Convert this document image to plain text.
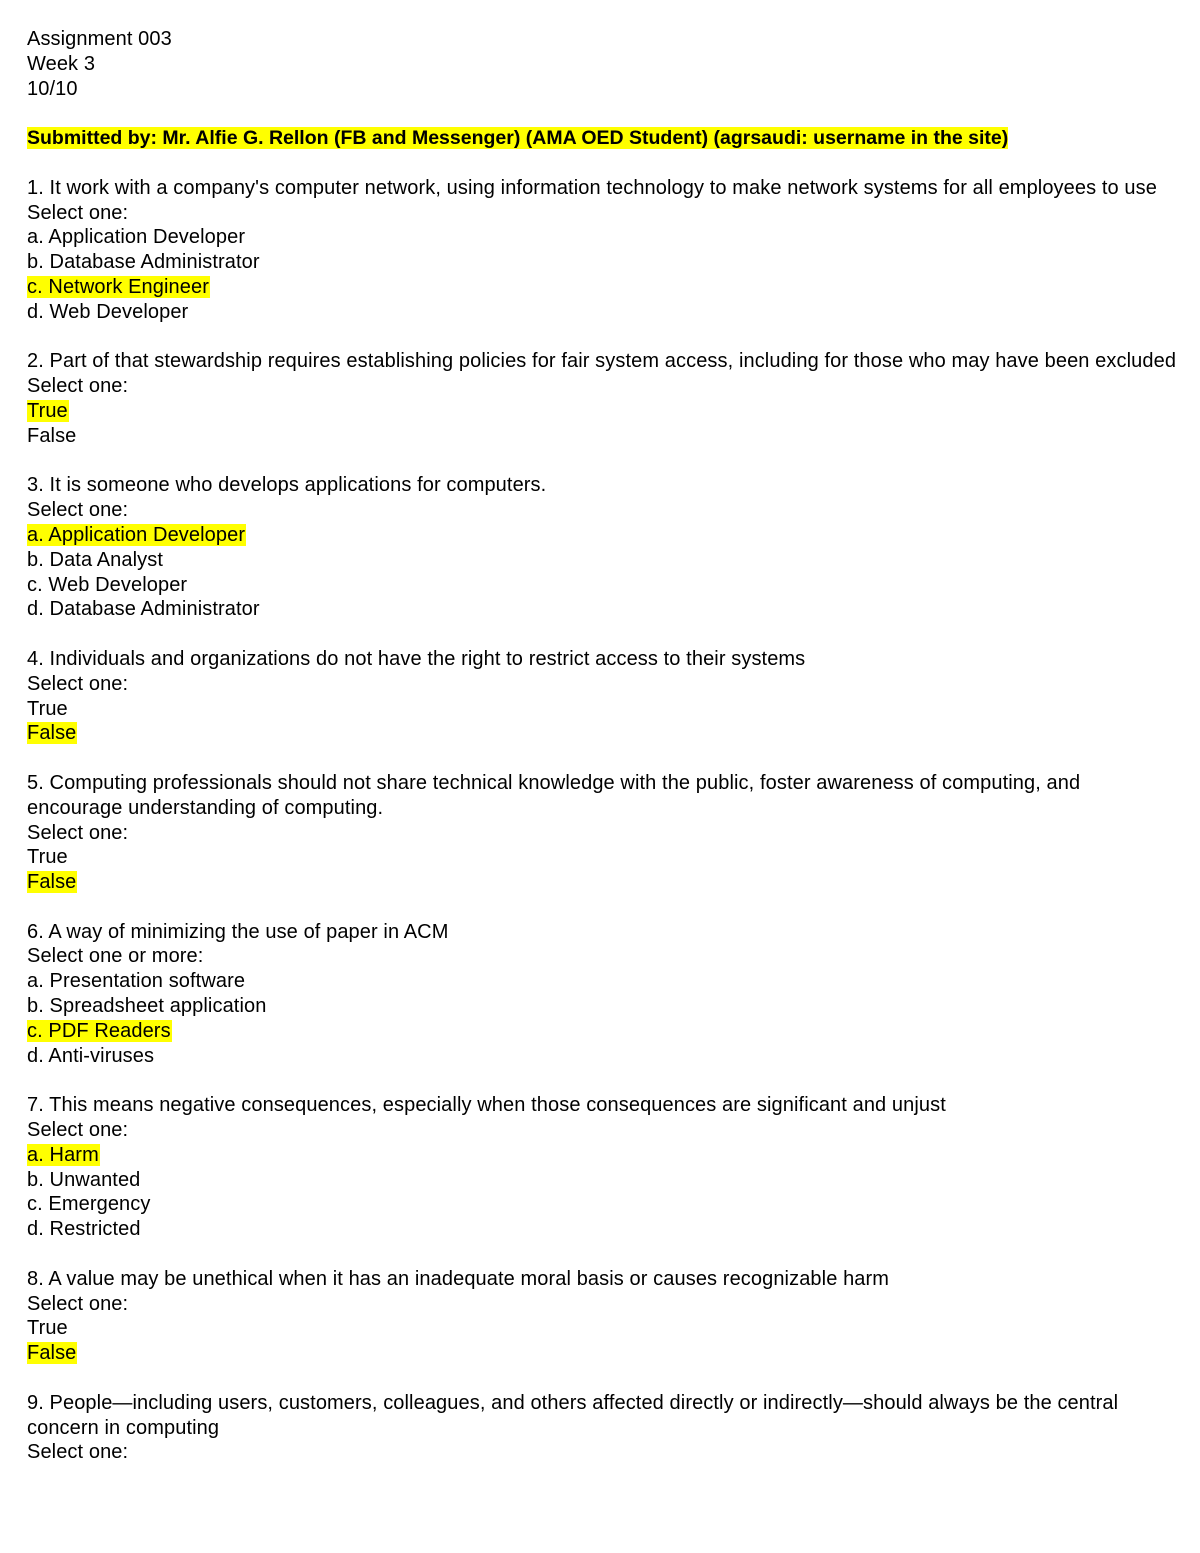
Assignment 003
Week 3
10/10
Submitted by: Mr. Alfie G. Rellon (FB and Messenger) (AMA OED Student) (agrsaudi: username in the site)
1. It work with a company's computer network, using information technology to make network systems for all employees to use
Select one:
a. Application Developer
b. Database Administrator
c. Network Engineer
d. Web Developer
2. Part of that stewardship requires establishing policies for fair system access, including for those who may have been excluded
Select one:
True
False
3. It is someone who develops applications for computers.
Select one:
a. Application Developer
b. Data Analyst
c. Web Developer
d. Database Administrator
4. Individuals and organizations do not have the right to restrict access to their systems
Select one:
True
False
5. Computing professionals should not share technical knowledge with the public, foster awareness of computing, and encourage understanding of computing.
Select one:
True
False
6. A way of minimizing the use of paper in ACM
Select one or more:
a. Presentation software
b. Spreadsheet application
c. PDF Readers
d. Anti-viruses
7. This means negative consequences, especially when those consequences are significant and unjust
Select one:
a. Harm
b. Unwanted
c. Emergency
d. Restricted
8. A value may be unethical when it has an inadequate moral basis or causes recognizable harm
Select one:
True
False
9. People—including users, customers, colleagues, and others affected directly or indirectly—should always be the central concern in computing
Select one:
